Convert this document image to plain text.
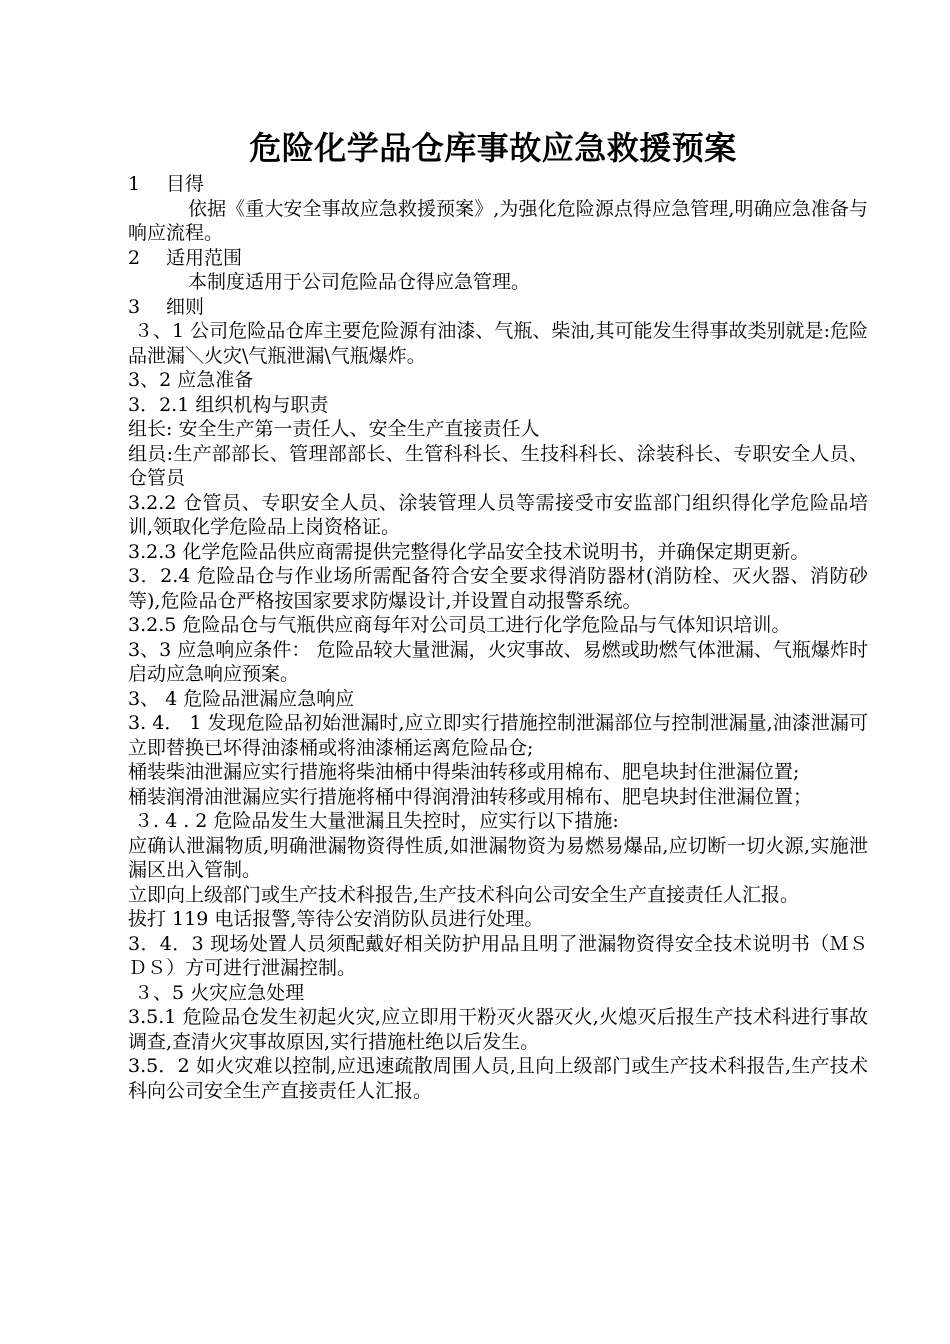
危险化学品仓库事故应急救援预案

1 目得

依据《重大安全事故应急救援预案》,为强化危险源点得应急管理,明确应急准备与响应流程。

2 适用范围

本制度适用于公司危险品仓得应急管理。

3 细则

３、1 公司危险品仓库主要危险源有油漆、气瓶、柴油,其可能发生得事故类别就是:危险品泄漏＼火灾\气瓶泄漏\气瓶爆炸。

3、2 应急准备

3．2.1 组织机构与职责

组长: 安全生产第一责任人、安全生产直接责任人

组员:生产部部长、管理部部长、生管科科长、生技科科长、涂装科长、专职安全人员、仓管员

3.2.2 仓管员、专职安全人员、涂装管理人员等需接受市安监部门组织得化学危险品培训,领取化学危险品上岗资格证。

3.2.3 化学危险品供应商需提供完整得化学品安全技术说明书，并确保定期更新。

3．2.4 危险品仓与作业场所需配备符合安全要求得消防器材(消防栓、灭火器、消防砂等),危险品仓严格按国家要求防爆设计,并设置自动报警系统。

3.2.5 危险品仓与气瓶供应商每年对公司员工进行化学危险品与气体知识培训。

3、3 应急响应条件： 危险品较大量泄漏，火灾事故、易燃或助燃气体泄漏、气瓶爆炸时启动应急响应预案。

3、 4 危险品泄漏应急响应

3. 4． 1 发现危险品初始泄漏时,应立即实行措施控制泄漏部位与控制泄漏量,油漆泄漏可立即替换已坏得油漆桶或将油漆桶运离危险品仓;

桶装柴油泄漏应实行措施将柴油桶中得柴油转移或用棉布、肥皂块封住泄漏位置;

桶装润滑油泄漏应实行措施将桶中得润滑油转移或用棉布、肥皂块封住泄漏位置；

３. 4 . 2 危险品发生大量泄漏且失控时，应实行以下措施:

应确认泄漏物质,明确泄漏物资得性质,如泄漏物资为易燃易爆品,应切断一切火源,实施泄漏区出入管制。

立即向上级部门或生产技术科报告,生产技术科向公司安全生产直接责任人汇报。

拔打 119 电话报警,等待公安消防队员进行处理。

3．4．3 现场处置人员须配戴好相关防护用品且明了泄漏物资得安全技术说明书（ＭＳＤＳ）方可进行泄漏控制。

３、5 火灾应急处理

3.5.1 危险品仓发生初起火灾,应立即用干粉灭火器灭火,火熄灭后报生产技术科进行事故调查,查清火灾事故原因,实行措施杜绝以后发生。

3.5．2 如火灾难以控制,应迅速疏散周围人员,且向上级部门或生产技术科报告,生产技术科向公司安全生产直接责任人汇报。
